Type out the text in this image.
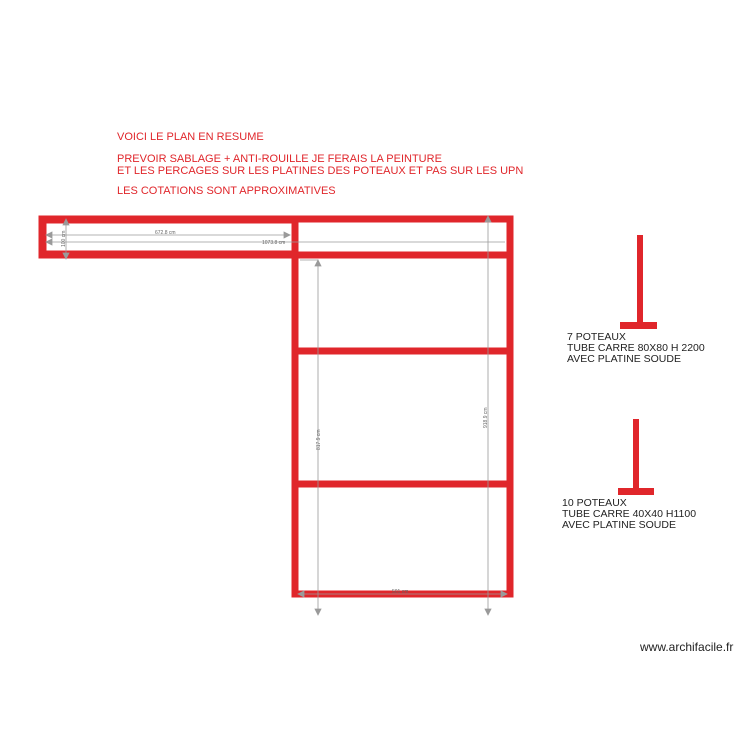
VOICI LE PLAN EN RESUME
PREVOIR SABLAGE + ANTI-ROUILLE JE FERAIS LA PEINTURE
ET LES PERCAGES SUR LES PLATINES DES POTEAUX ET PAS SUR LES UPN
LES COTATIONS SONT APPROXIMATIVES
672.8 cm
1073.8 cm
100 cm
817.9 cm
918.9 cm
501 cm
7 POTEAUX
TUBE CARRE 80X80 H 2200
AVEC PLATINE SOUDE
10 POTEAUX
TUBE CARRE 40X40 H1100
AVEC PLATINE SOUDE
www.archifacile.fr
